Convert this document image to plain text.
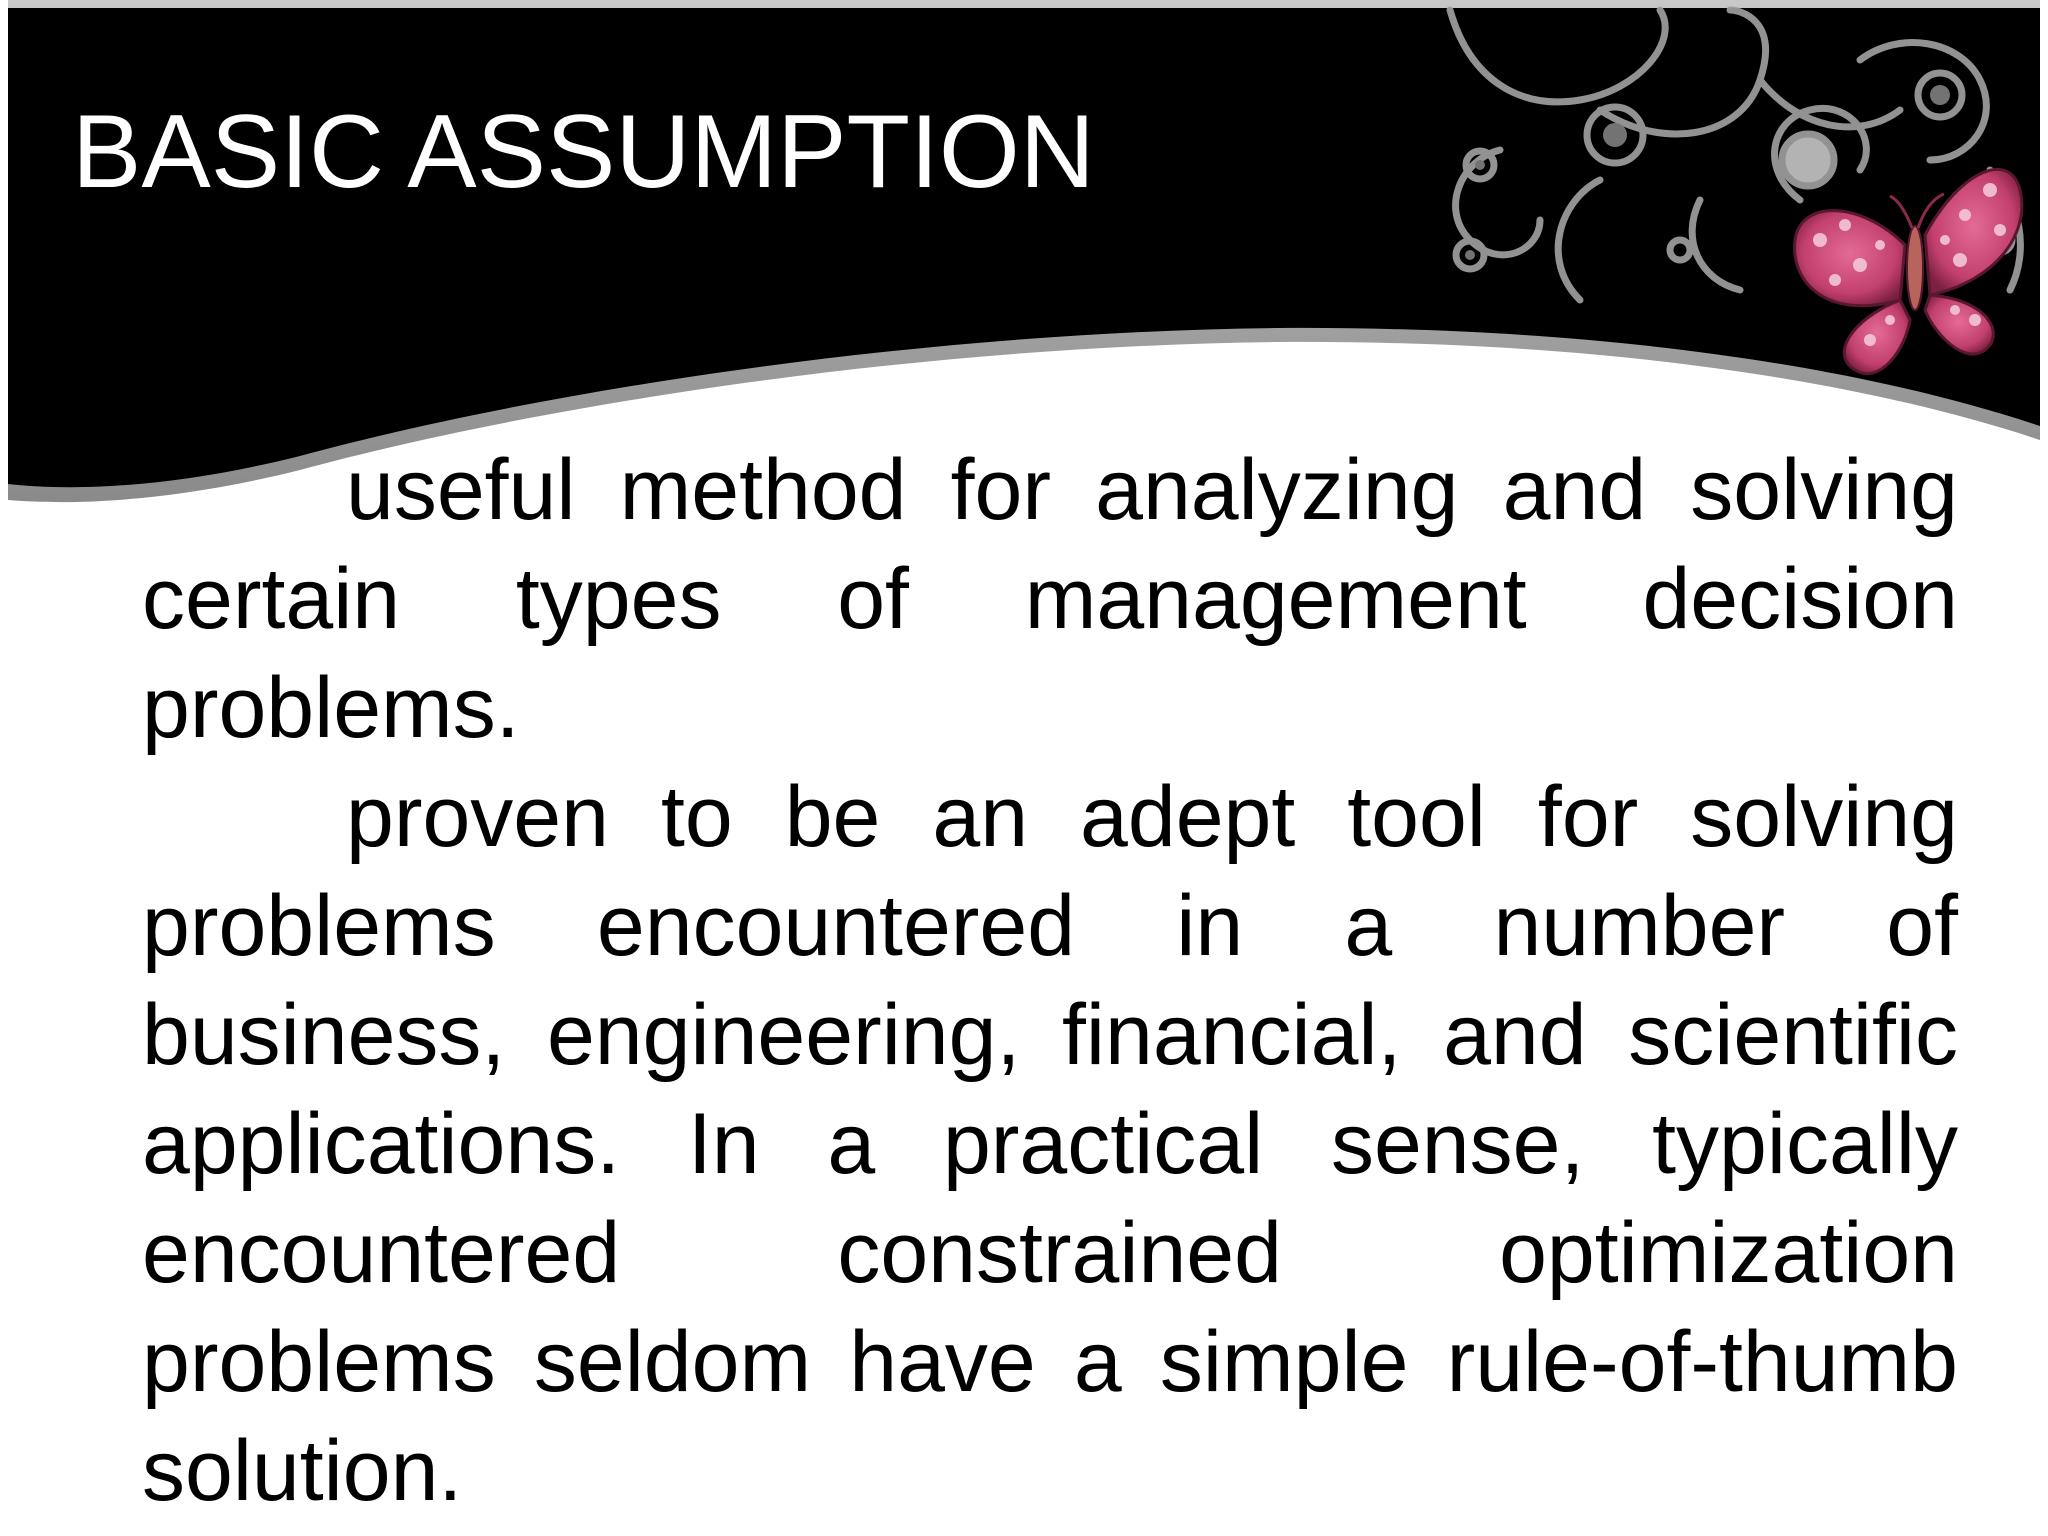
BASIC ASSUMPTION

useful method for analyzing and solving certain types of management decision problems.

proven to be an adept tool for solving problems encountered in a number of business, engineering, financial, and scientific applications. In a practical sense, typically encountered constrained optimization problems seldom have a simple rule-of-thumb solution.
